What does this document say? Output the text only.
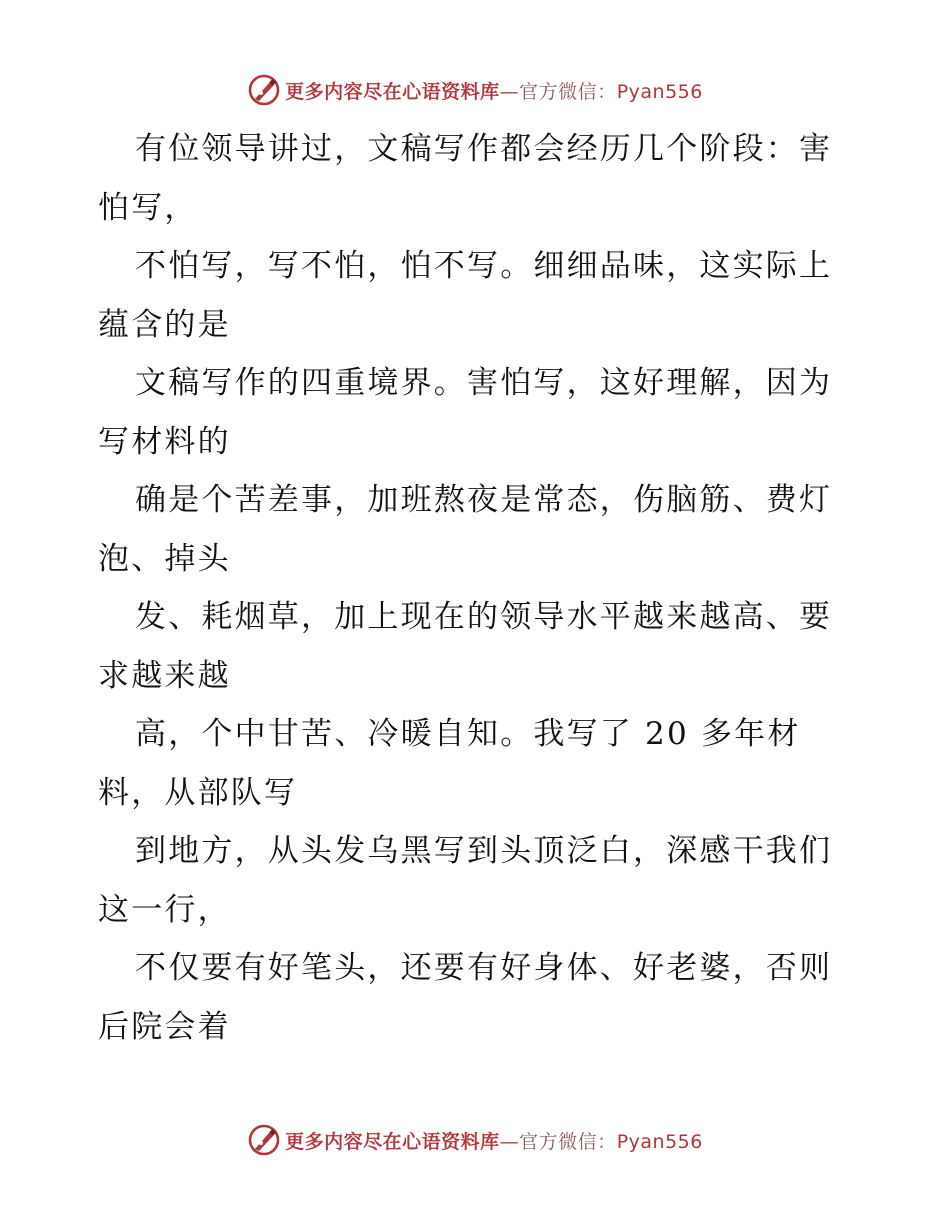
更多内容尽在心语资料库—官方微信：Pyan556
有位领导讲过，文稿写作都会经历几个阶段：害
怕写，
不怕写，写不怕，怕不写。细细品味，这实际上
蕴含的是
文稿写作的四重境界。害怕写，这好理解，因为
写材料的
确是个苦差事，加班熬夜是常态，伤脑筋、费灯
泡、掉头
发、耗烟草，加上现在的领导水平越来越高、要
求越来越
高，个中甘苦、冷暖自知。我写了 20 多年材
料，从部队写
到地方，从头发乌黑写到头顶泛白，深感干我们
这一行，
不仅要有好笔头，还要有好身体、好老婆，否则
后院会着
更多内容尽在心语资料库—官方微信：Pyan556
